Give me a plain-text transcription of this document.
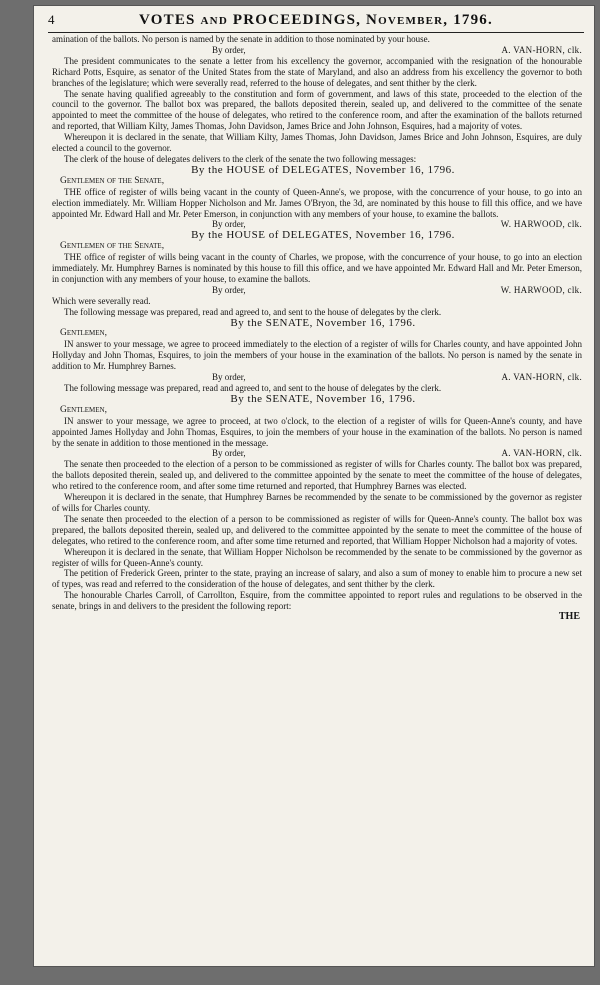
4	VOTES and PROCEEDINGS, November, 1796.

amination of the ballots. No person is named by the senate in addition to those nominated by your house.

By order,	A. VAN-HORN, clk.

The president communicates to the senate a letter from his excellency the governor, accompanied with the resignation of the honourable Richard Potts, Esquire, as senator of the United States from the state of Maryland, and also an address from his excellency the governor to both branches of the legislature; which were severally read, referred to the house of delegates, and sent thither by the clerk.

The senate having qualified agreeably to the constitution and form of government, and laws of this state, proceeded to the election of the council to the governor. The ballot box was prepared, the ballots deposited therein, sealed up, and delivered to the committee of the senate appointed to meet the committee of the house of delegates, who retired to the conference room, and after the examination of the ballots returned and reported, that William Kilty, James Thomas, John Davidson, James Brice and John Johnson, Esquires, had a majority of votes.

Whereupon it is declared in the senate, that William Kilty, James Thomas, John Davidson, James Brice and John Johnson, Esquires, are duly elected a council to the governor.

The clerk of the house of delegates delivers to the clerk of the senate the two following messages:

By the HOUSE of DELEGATES, November 16, 1796.

Gentlemen of the Senate,

THE office of register of wills being vacant in the county of Queen-Anne's, we propose, with the concurrence of your house, to go into an election immediately. Mr. William Hopper Nicholson and Mr. James O'Bryon, the 3d, are nominated by this house to fill this office, and we have appointed Mr. Edward Hall and Mr. Peter Emerson, in conjunction with any members of your house, to examine the ballots.

By order,	W. HARWOOD, clk.

By the HOUSE of DELEGATES, November 16, 1796.

Gentlemen of the Senate,

THE office of register of wills being vacant in the county of Charles, we propose, with the concurrence of your house, to go into an election immediately. Mr. Humphrey Barnes is nominated by this house to fill this office, and we have appointed Mr. Edward Hall and Mr. Peter Emerson, in conjunction with any members of your house, to examine the ballots.

By order,	W. HARWOOD, clk.

Which were severally read.

The following message was prepared, read and agreed to, and sent to the house of delegates by the clerk.

By the SENATE, November 16, 1796.

Gentlemen,

IN answer to your message, we agree to proceed immediately to the election of a register of wills for Charles county, and have appointed John Hollyday and John Thomas, Esquires, to join the members of your house in the examination of the ballots. No person is named by the senate in addition to Mr. Humphrey Barnes.

By order,	A. VAN-HORN, clk.

The following message was prepared, read and agreed to, and sent to the house of delegates by the clerk.

By the SENATE, November 16, 1796.

Gentlemen,

IN answer to your message, we agree to proceed, at two o'clock, to the election of a register of wills for Queen-Anne's county, and have appointed James Hollyday and John Thomas, Esquires, to join the members of your house in the examination of the ballots. No person is named by the senate in addition to those mentioned in the message.

By order,	A. VAN-HORN, clk.

The senate then proceeded to the election of a person to be commissioned as register of wills for Charles county. The ballot box was prepared, the ballots deposited therein, sealed up, and delivered to the committee appointed by the senate to meet the committee of the house of delegates, who retired to the conference room, and after some time returned and reported, that Humphrey Barnes was elected.

Whereupon it is declared in the senate, that Humphrey Barnes be recommended by the senate to be commissioned by the governor as register of wills for Charles county.

The senate then proceeded to the election of a person to be commissioned as register of wills for Queen-Anne's county. The ballot box was prepared, the ballots deposited therein, sealed up, and delivered to the committee appointed by the senate to meet the committee of the house of delegates, who retired to the conference room, and after some time returned and reported, that William Hopper Nicholson had a majority of votes.

Whereupon it is declared in the senate, that William Hopper Nicholson be recommended by the senate to be commissioned by the governor as register of wills for Queen-Anne's county.

The petition of Frederick Green, printer to the state, praying an increase of salary, and also a sum of money to enable him to procure a new set of types, was read and referred to the consideration of the house of delegates, and sent thither by the clerk.

The honourable Charles Carroll, of Carrollton, Esquire, from the committee appointed to report rules and regulations to be observed in the senate, brings in and delivers to the president the following report:

THE
